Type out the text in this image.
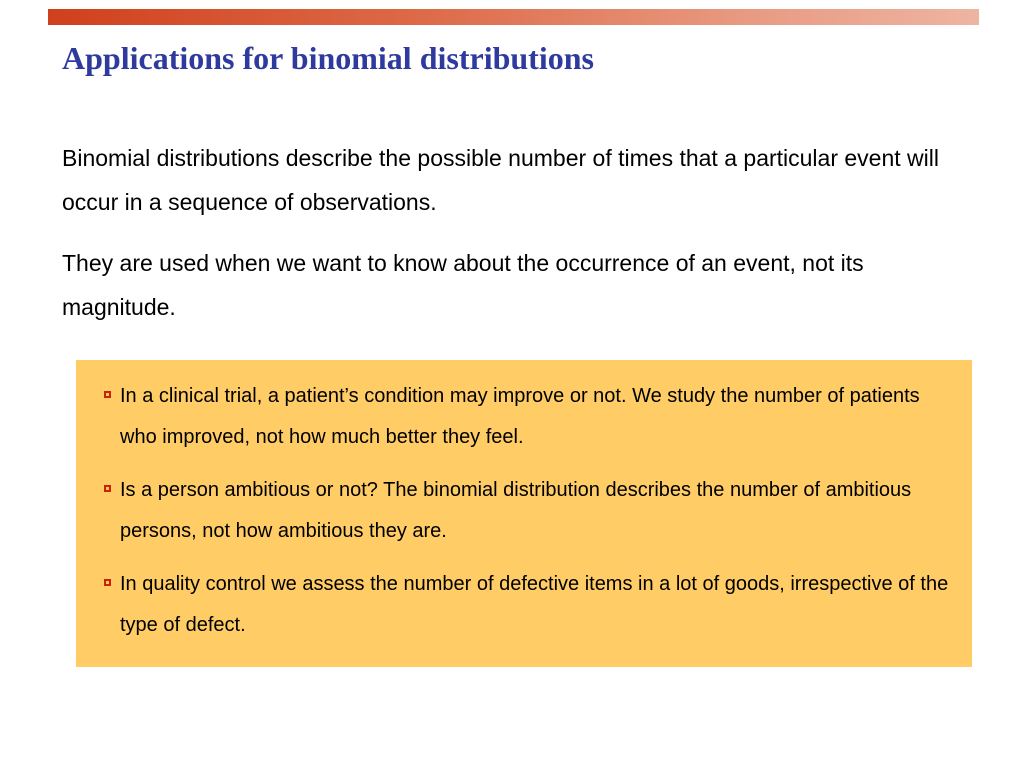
Applications for binomial distributions

Binomial distributions describe the possible number of times that a particular event will occur in a sequence of observations.

They are used when we want to know about the occurrence of an event, not its magnitude.

In a clinical trial, a patient’s condition may improve or not. We study the number of patients who improved, not how much better they feel.
Is a person ambitious or not? The binomial distribution describes the number of ambitious persons, not how ambitious they are.
In quality control we assess the number of defective items in a lot of goods, irrespective of the type of defect.
